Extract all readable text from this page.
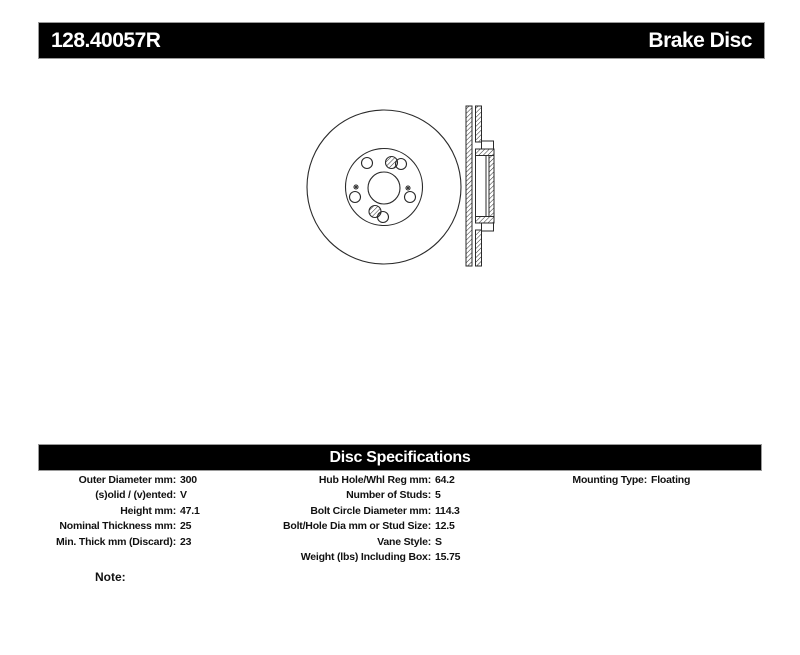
128.40057R	Brake Disc
Disc Specifications
Outer Diameter mm: 300
(s)olid / (v)ented: V
Height mm: 47.1
Nominal Thickness mm: 25
Min. Thick mm (Discard): 23
Hub Hole/Whl Reg mm: 64.2
Number of Studs: 5
Bolt Circle Diameter mm: 114.3
Bolt/Hole Dia mm or Stud Size: 12.5
Vane Style: S
Weight (lbs) Including Box: 15.75
Mounting Type: Floating
Note:
